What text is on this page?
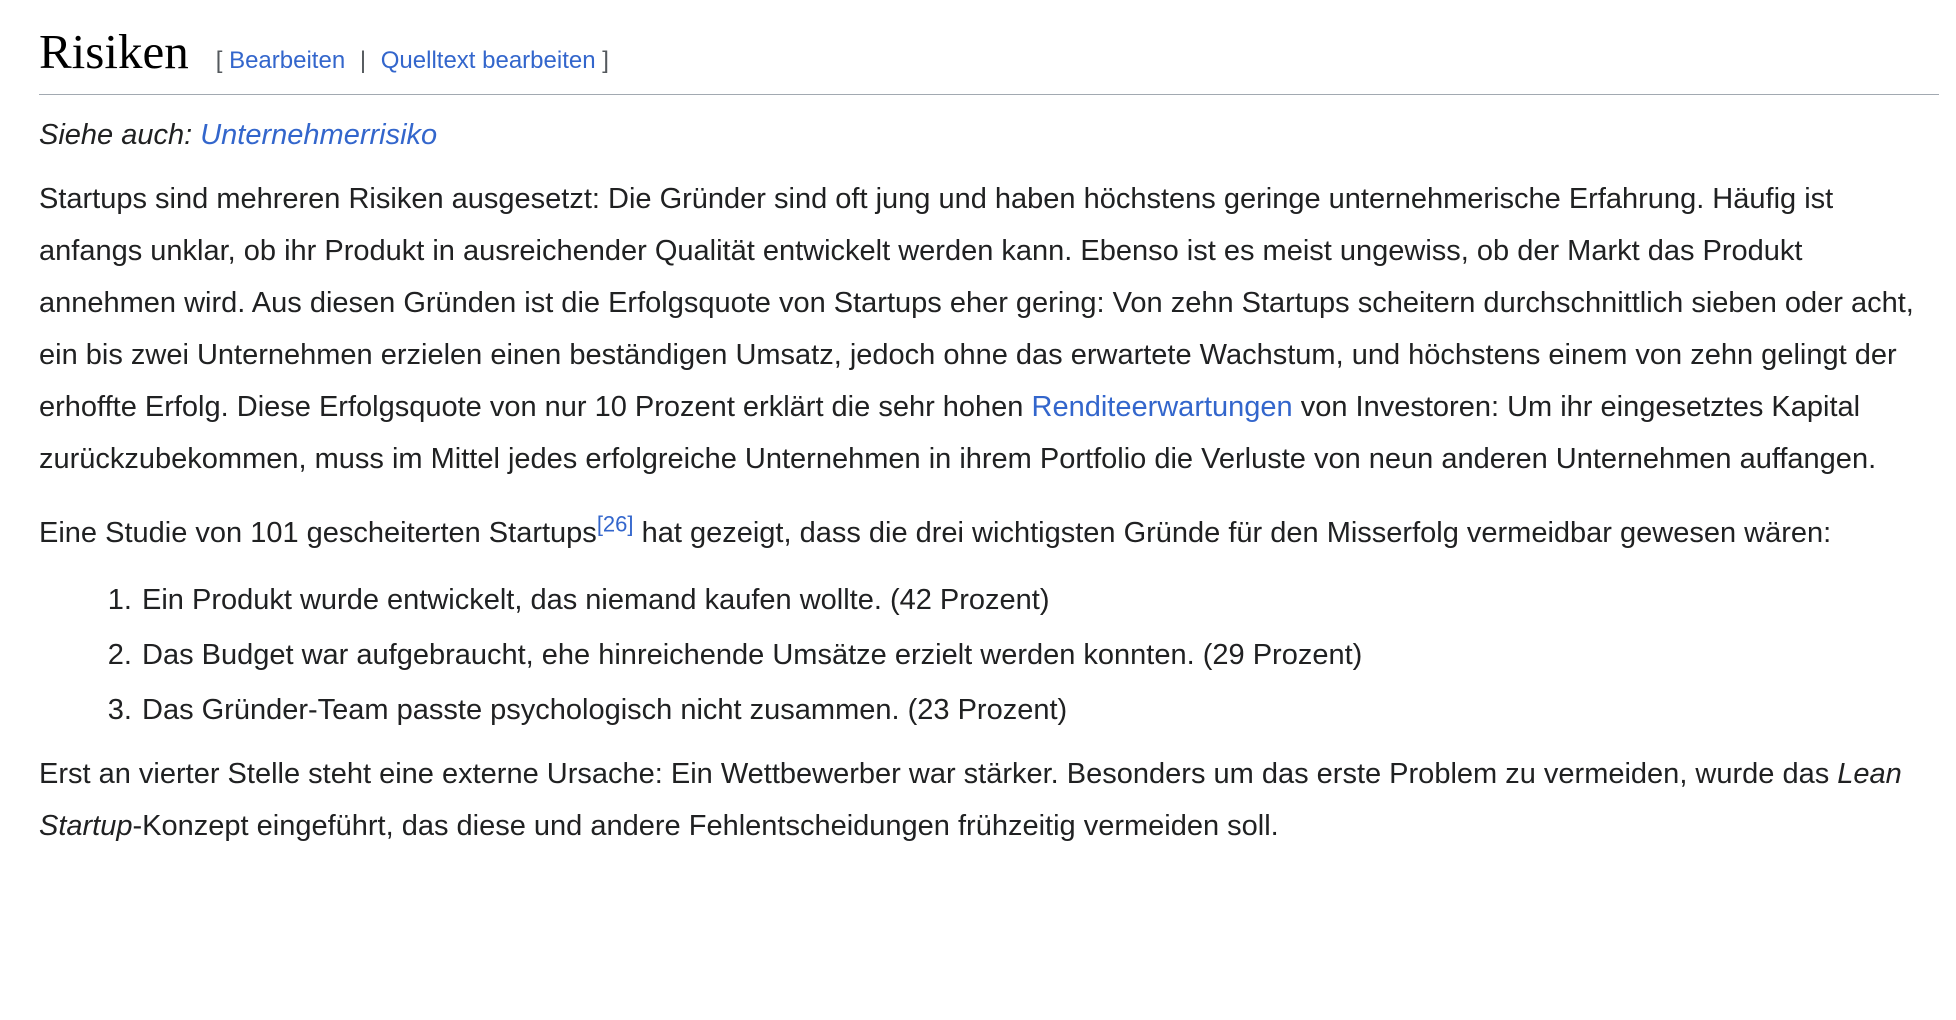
Risiken [ Bearbeiten | Quelltext bearbeiten ]
Siehe auch: Unternehmerrisiko

Startups sind mehreren Risiken ausgesetzt: Die Gründer sind oft jung und haben höchstens geringe unternehmerische Erfahrung. Häufig ist anfangs unklar, ob ihr Produkt in ausreichender Qualität entwickelt werden kann. Ebenso ist es meist ungewiss, ob der Markt das Produkt annehmen wird. Aus diesen Gründen ist die Erfolgsquote von Startups eher gering: Von zehn Startups scheitern durchschnittlich sieben oder acht, ein bis zwei Unternehmen erzielen einen beständigen Umsatz, jedoch ohne das erwartete Wachstum, und höchstens einem von zehn gelingt der erhoffte Erfolg. Diese Erfolgsquote von nur 10 Prozent erklärt die sehr hohen Renditeerwartungen von Investoren: Um ihr eingesetztes Kapital zurückzubekommen, muss im Mittel jedes erfolgreiche Unternehmen in ihrem Portfolio die Verluste von neun anderen Unternehmen auffangen.

Eine Studie von 101 gescheiterten Startups[26] hat gezeigt, dass die drei wichtigsten Gründe für den Misserfolg vermeidbar gewesen wären:

1. Ein Produkt wurde entwickelt, das niemand kaufen wollte. (42 Prozent)
2. Das Budget war aufgebraucht, ehe hinreichende Umsätze erzielt werden konnten. (29 Prozent)
3. Das Gründer-Team passte psychologisch nicht zusammen. (23 Prozent)

Erst an vierter Stelle steht eine externe Ursache: Ein Wettbewerber war stärker. Besonders um das erste Problem zu vermeiden, wurde das Lean Startup-Konzept eingeführt, das diese und andere Fehlentscheidungen frühzeitig vermeiden soll.
